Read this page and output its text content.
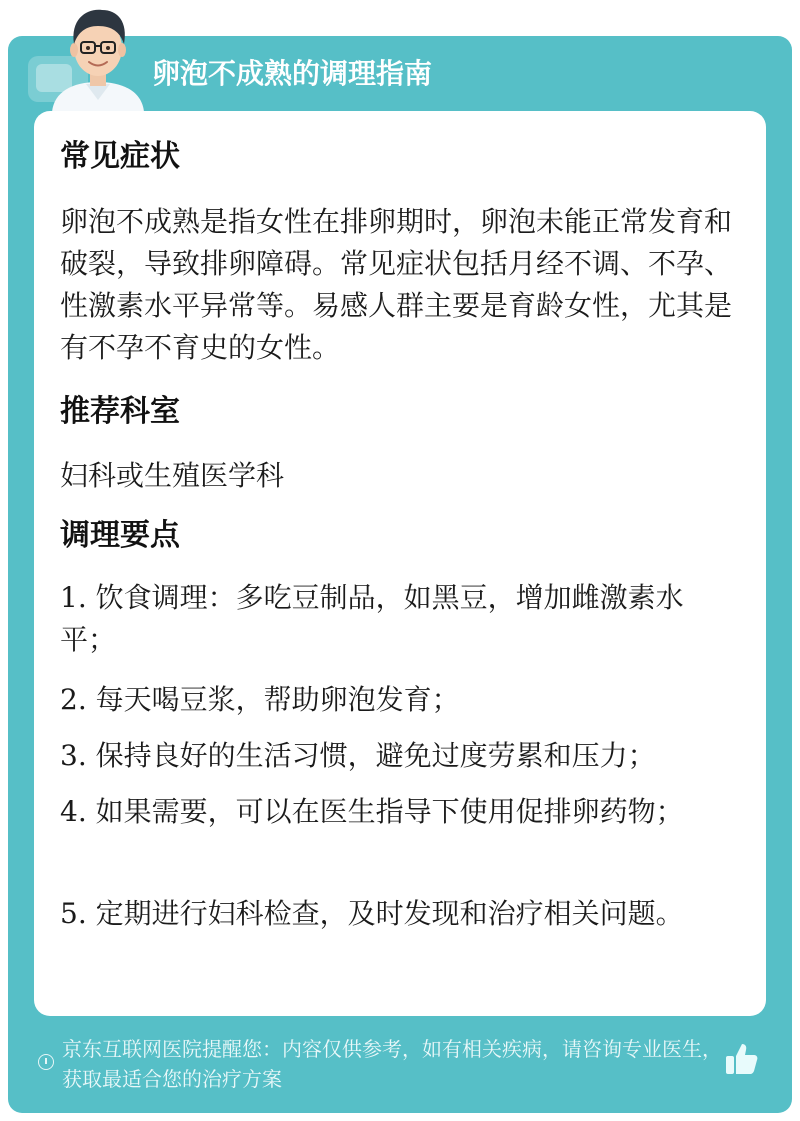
卵泡不成熟的调理指南
常见症状

卵泡不成熟是指女性在排卵期时，卵泡未能正常发育和破裂，导致排卵障碍。常见症状包括月经不调、不孕、性激素水平异常等。易感人群主要是育龄女性，尤其是有不孕不育史的女性。

推荐科室

妇科或生殖医学科

调理要点

1. 饮食调理：多吃豆制品，如黑豆，增加雌激素水平；

2. 每天喝豆浆，帮助卵泡发育；

3. 保持良好的生活习惯，避免过度劳累和压力；

4. 如果需要，可以在医生指导下使用促排卵药物；

5. 定期进行妇科检查，及时发现和治疗相关问题。

京东互联网医院提醒您：内容仅供参考，如有相关疾病，请咨询专业医生，获取最适合您的治疗方案
